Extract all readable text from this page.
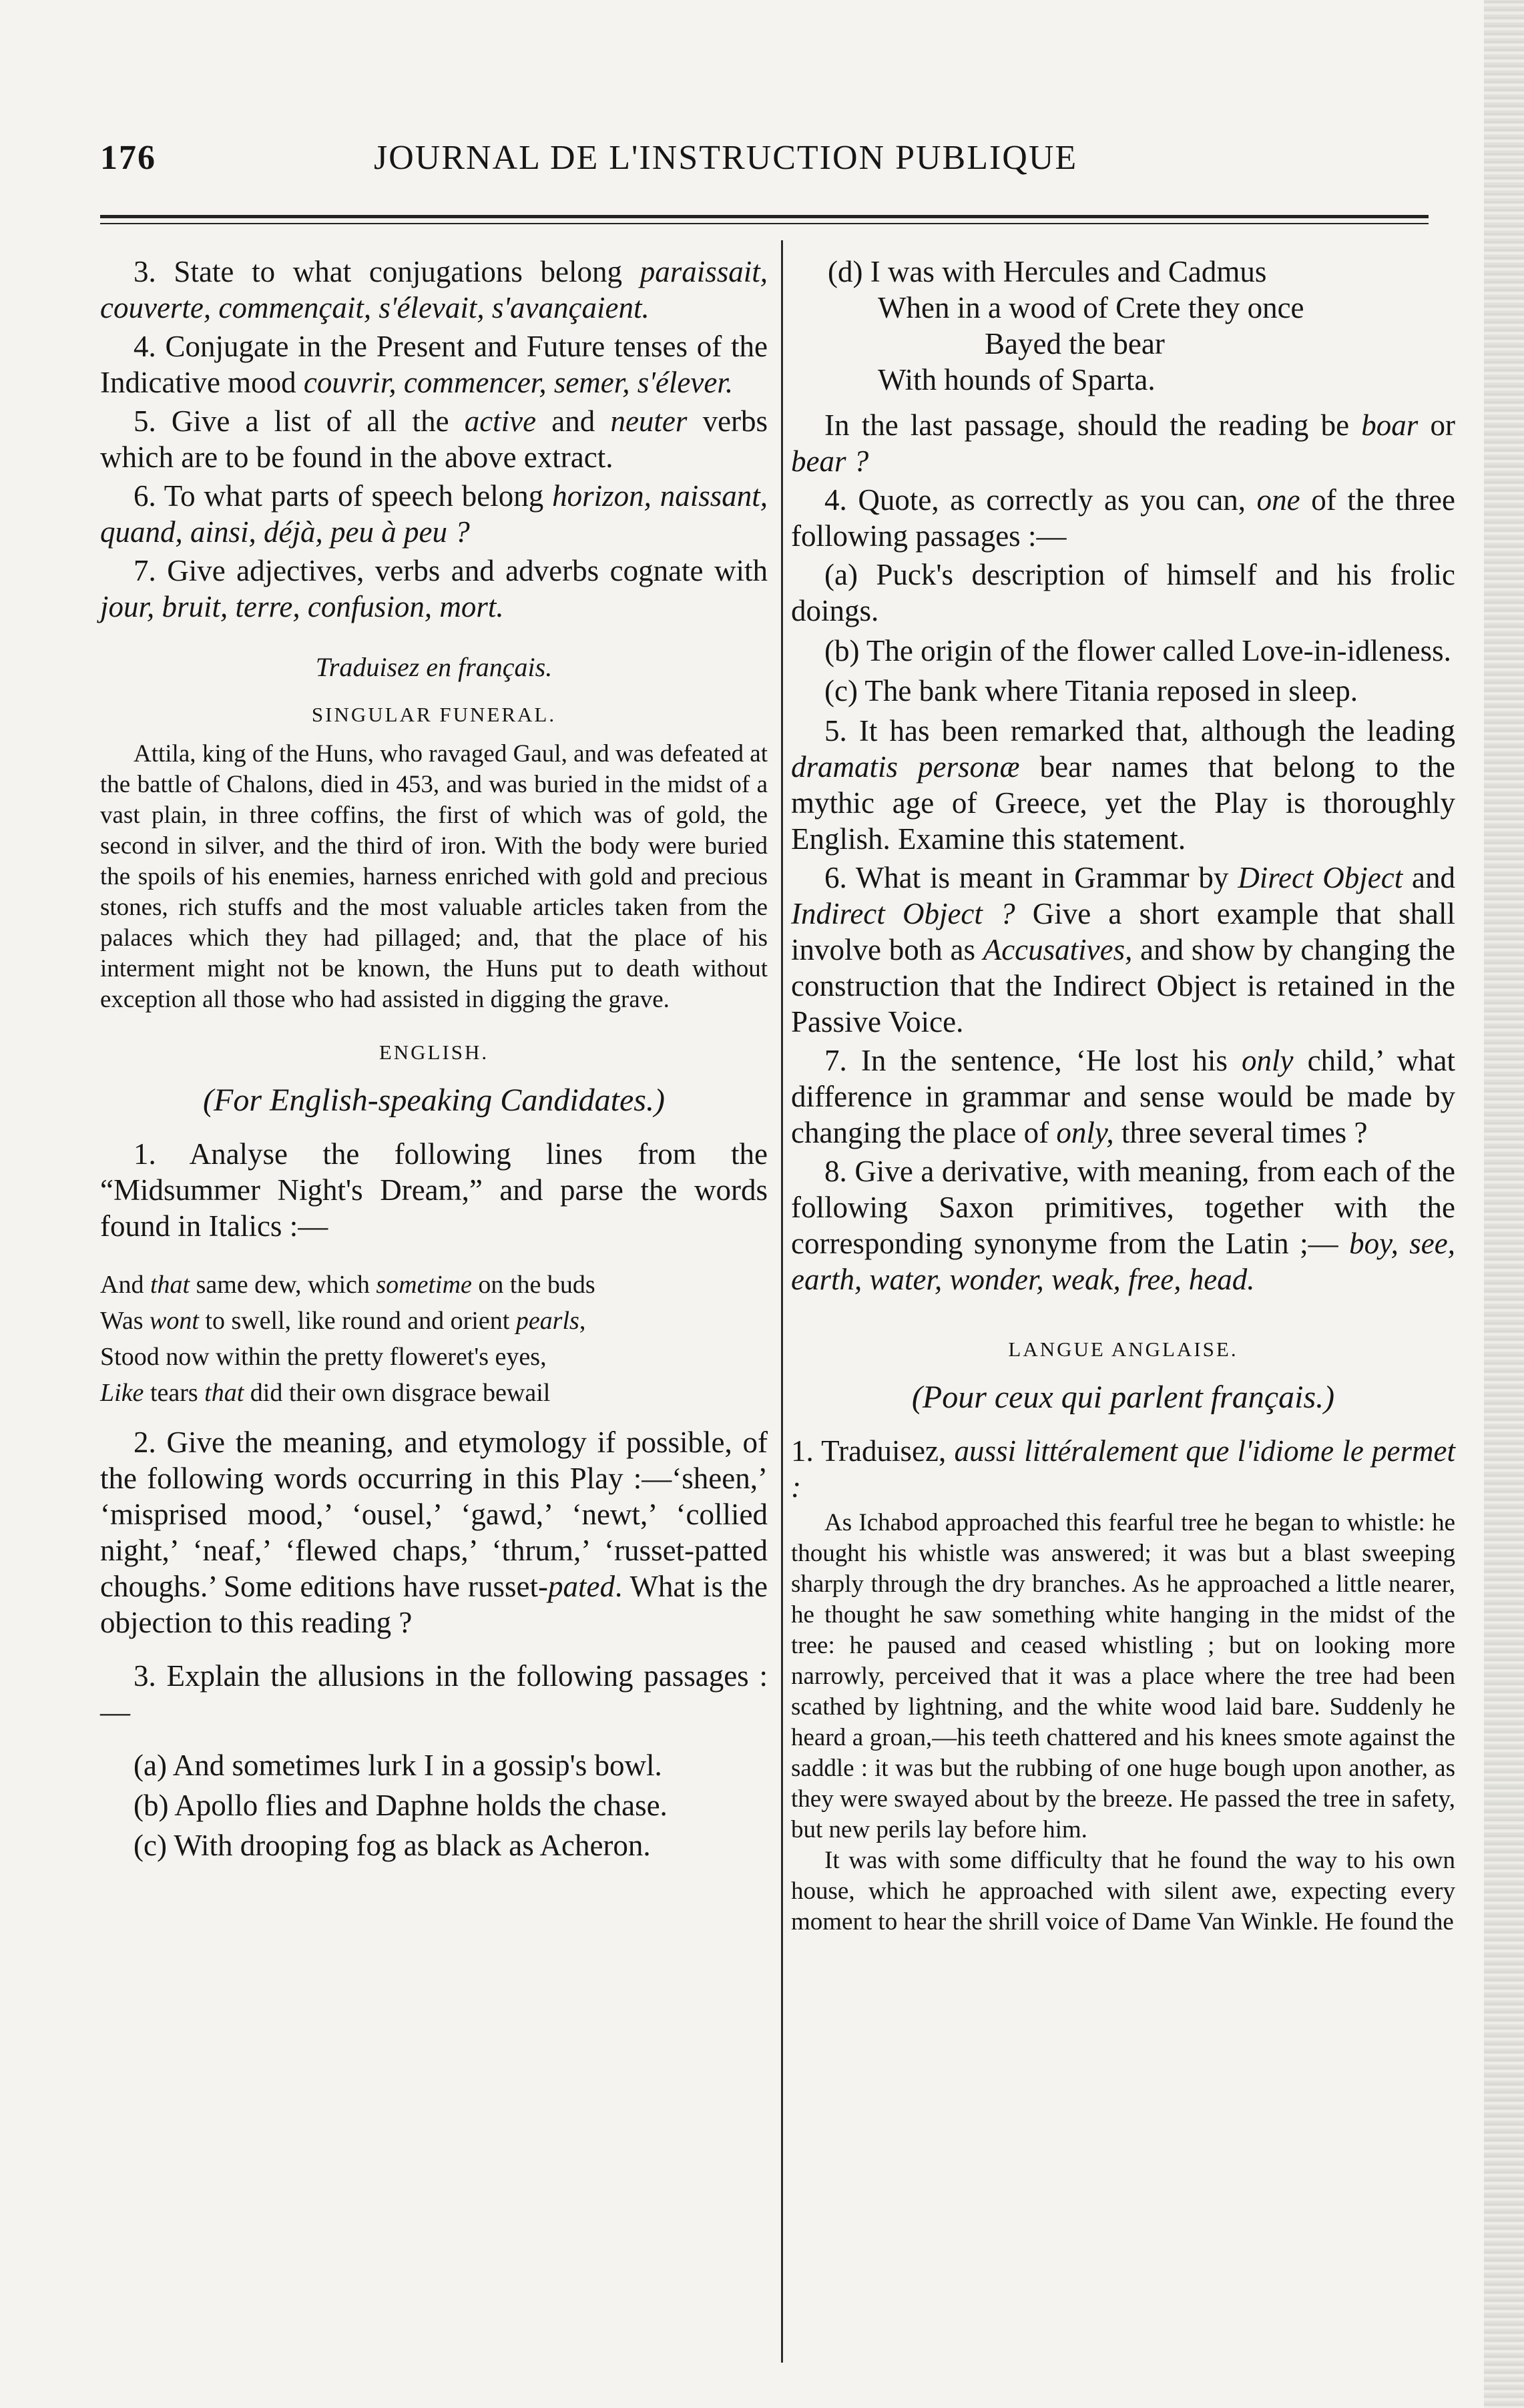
176	JOURNAL DE L'INSTRUCTION PUBLIQUE

3. State to what conjugations belong paraissait, couverte, commençait, s'élevait, s'avançaient.

4. Conjugate in the Present and Future tenses of the Indicative mood couvrir, commencer, semer, s'élever.

5. Give a list of all the active and neuter verbs which are to be found in the above extract.

6. To what parts of speech belong horizon, naissant, quand, ainsi, déjà, peu à peu ?

7. Give adjectives, verbs and adverbs cognate with jour, bruit, terre, confusion, mort.

Traduisez en français.

SINGULAR FUNERAL.

Attila, king of the Huns, who ravaged Gaul, and was defeated at the battle of Chalons, died in 453, and was buried in the midst of a vast plain, in three coffins, the first of which was of gold, the second in silver, and the third of iron. With the body were buried the spoils of his enemies, harness enriched with gold and precious stones, rich stuffs and the most valuable articles taken from the palaces which they had pillaged; and, that the place of his interment might not be known, the Huns put to death without exception all those who had assisted in digging the grave.

ENGLISH.

(For English-speaking Candidates.)

1. Analyse the following lines from the “Midsummer Night's Dream,” and parse the words found in Italics :—

And that same dew, which sometime on the buds
Was wont to swell, like round and orient pearls,
Stood now within the pretty floweret's eyes,
Like tears that did their own disgrace bewail

2. Give the meaning, and etymology if possible, of the following words occurring in this Play :—‘sheen,’ ‘misprised mood,’ ‘ousel,’ ‘gawd,’ ‘newt,’ ‘collied night,’ ‘neaf,’ ‘flewed chaps,’ ‘thrum,’ ‘russet-patted choughs.’ Some editions have russet-pated. What is the objection to this reading ?

3. Explain the allusions in the following passages :—

(a) And sometimes lurk I in a gossip's bowl.

(b) Apollo flies and Daphne holds the chase.

(c) With drooping fog as black as Acheron.

(d) I was with Hercules and Cadmus
When in a wood of Crete they once
Bayed the bear
With hounds of Sparta.

In the last passage, should the reading be boar or bear ?

4. Quote, as correctly as you can, one of the three following passages :—

(a) Puck's description of himself and his frolic doings.

(b) The origin of the flower called Love-in-idleness.

(c) The bank where Titania reposed in sleep.

5. It has been remarked that, although the leading dramatis personæ bear names that belong to the mythic age of Greece, yet the Play is thoroughly English. Examine this statement.

6. What is meant in Grammar by Direct Object and Indirect Object ? Give a short example that shall involve both as Accusatives, and show by changing the construction that the Indirect Object is retained in the Passive Voice.

7. In the sentence, ‘He lost his only child,’ what difference in grammar and sense would be made by changing the place of only, three several times ?

8. Give a derivative, with meaning, from each of the following Saxon primitives, together with the corresponding synonyme from the Latin ;— boy, see, earth, water, wonder, weak, free, head.

LANGUE ANGLAISE.

(Pour ceux qui parlent français.)

1. Traduisez, aussi littéralement que l'idiome le permet :

As Ichabod approached this fearful tree he began to whistle: he thought his whistle was answered; it was but a blast sweeping sharply through the dry branches. As he approached a little nearer, he thought he saw something white hanging in the midst of the tree: he paused and ceased whistling ; but on looking more narrowly, perceived that it was a place where the tree had been scathed by lightning, and the white wood laid bare. Suddenly he heard a groan,—his teeth chattered and his knees smote against the saddle : it was but the rubbing of one huge bough upon another, as they were swayed about by the breeze. He passed the tree in safety, but new perils lay before him.

It was with some difficulty that he found the way to his own house, which he approached with silent awe, expecting every moment to hear the shrill voice of Dame Van Winkle. He found the
